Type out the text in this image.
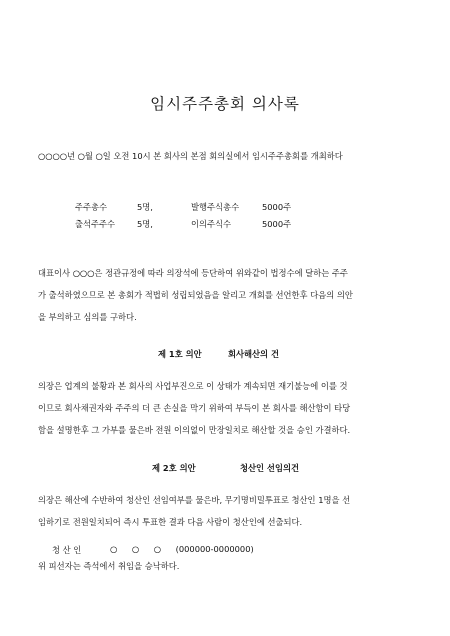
임시주주총회 의사록
○○○○년 ○월 ○일 오전 10시 본 회사의 본점 회의실에서 임시주주총회를 개최하다
주주총수	5명,	발행주식총수	5000주
출석주주수	5명,	이의주식수	5000주
대표이사 ○○○은 정관규정에 따라 의장석에 등단하여 위와같이 법정수에 달하는 주주
가 출석하였으므로 본 총회가 적법히 성립되었음을 알리고 개회를 선언한후 다음의 의안
을 부의하고 심의를 구하다.
제 1호 의안	회사해산의 건
의장은 업계의 불황과 본 회사의 사업부진으로 이 상태가 계속되면 재기불능에 이를 것
이므로 회사채권자와 주주의 더 큰 손실을 막기 위하여 부득이 본 회사를 해산함이 타당
함을 설명한후 그 가부를 물은바 전원 이의없이 만장일치로 해산할 것을 승인 가결하다.
제 2호 의안	청산인 선임의건
의장은 해산에 수반하여 청산인 선임여부를 물은바, 무기명비밀투표로 청산인 1명을 선
임하기로 전원일치되어 즉시 투표한 결과 다음 사람이 청산인에 선출되다.
청 산 인	○ ○ ○ (000000-0000000)
위 피선자는 즉석에서 취임을 승낙하다.
